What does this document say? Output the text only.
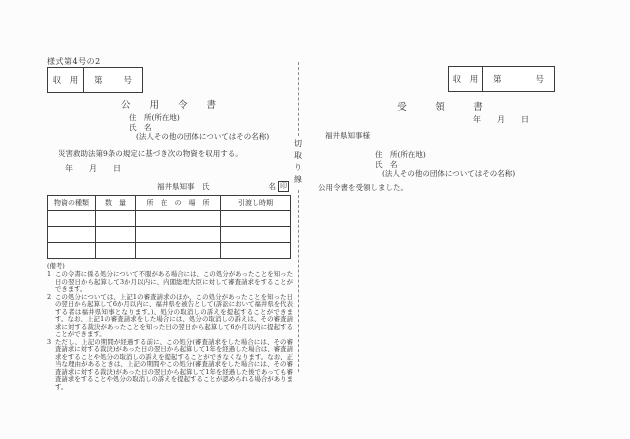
様式第4号の2
収　用	第 号
公　　用　　令　　書
住　所(所在地)
氏　名
(法人その他の団体についてはその名称)
災害救助法第9条の規定に基づき次の物資を収用する。
年　　月　　日
福井県知事　氏	名 印
物資の種類	数　量	所　在　の　場　所	引渡し時期

(備考)
1 この令書に係る処分について不服がある場合には、この処分があったことを知った日の翌日から起算して3か月以内に、内閣総理大臣に対して審査請求をすることができます。
2 この処分については、上記1の審査請求のほか、この処分があったことを知った日の翌日から起算して6か月以内に、福井県を被告として(訴訟において福井県を代表する者は福井県知事となります。)、処分の取消しの訴えを提起することができます。なお、上記1の審査請求をした場合には、処分の取消しの訴えは、その審査請求に対する裁決があったことを知った日の翌日から起算して6か月以内に提起することができます。
3 ただし、上記の期間が経過する前に、この処分(審査請求をした場合には、その審査請求に対する裁決)があった日の翌日から起算して1年を経過した場合は、審査請求をすることや処分の取消しの訴えを提起することができなくなります。なお、正当な理由があるときは、上記の期間やこの処分(審査請求をした場合には、その審査請求に対する裁決)があった日の翌日から起算して1年を経過した後であっても審査請求をすることや処分の取消しの訴えを提起することが認められる場合があります。
切取り線
収　用	第	号
受　　　領　　　書
年　　月　　日
福井県知事様
住　所(所在地)
氏　名
(法人その他の団体についてはその名称)
公用令書を受領しました。
